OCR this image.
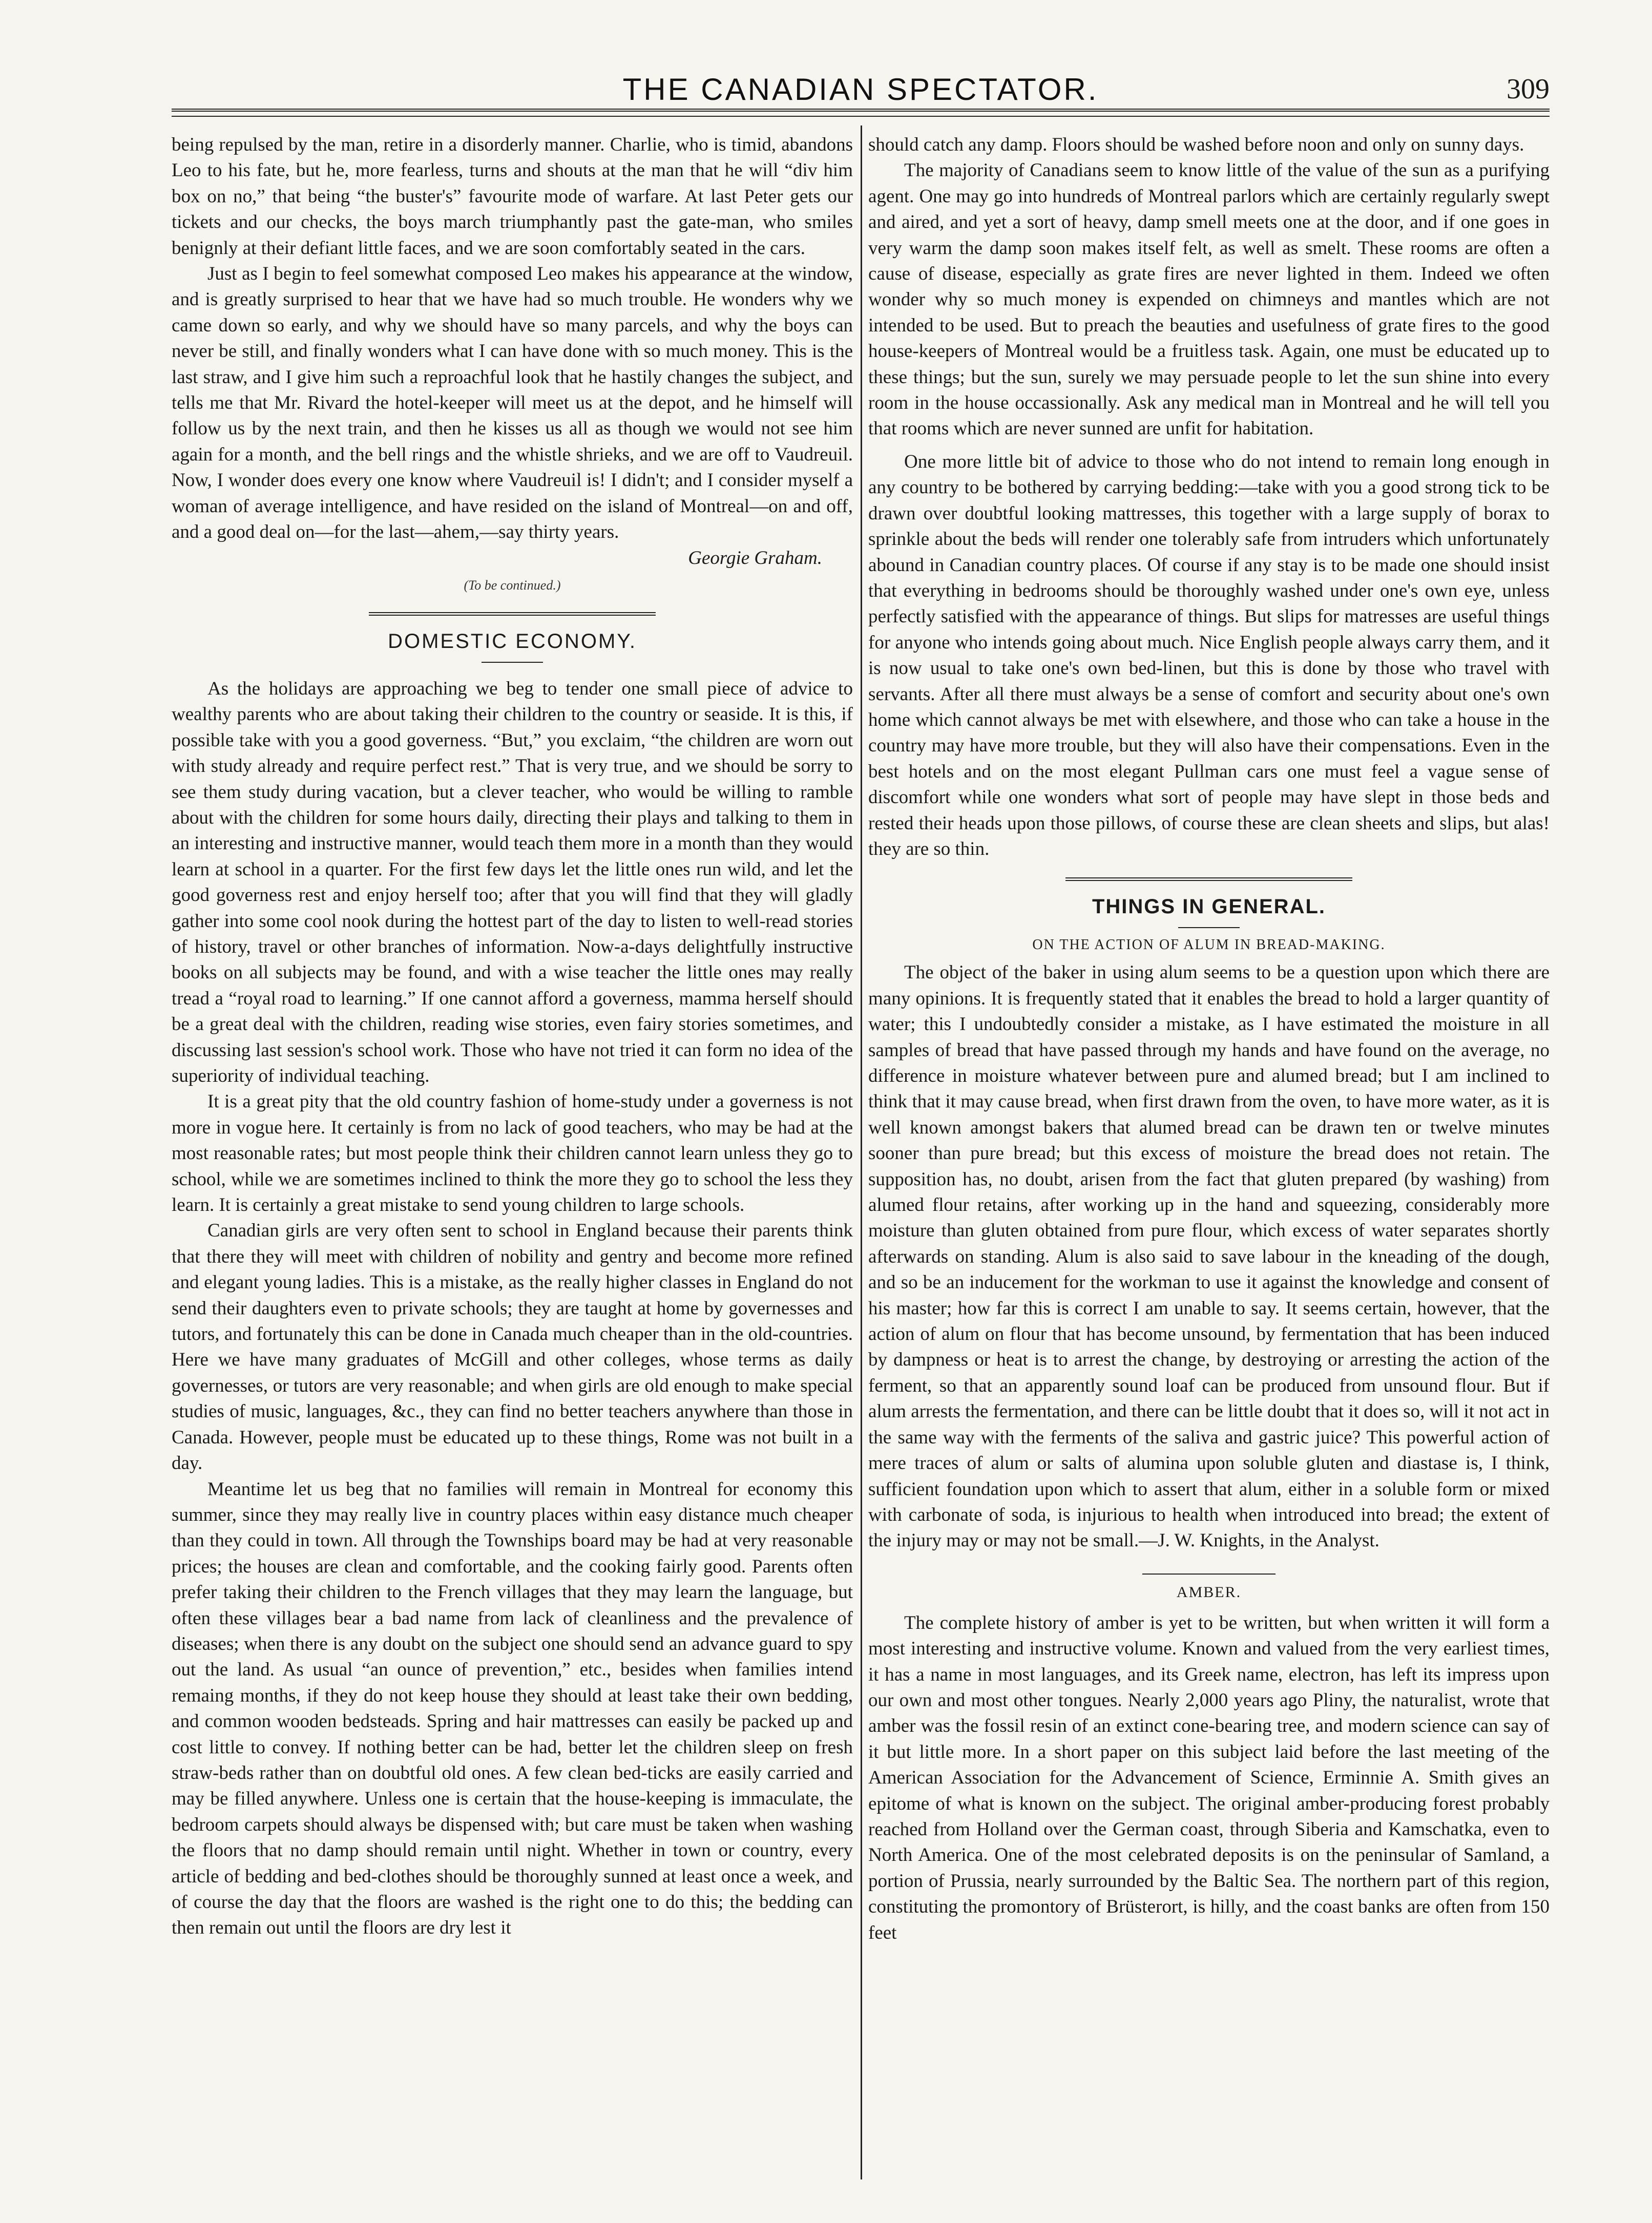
THE CANADIAN SPECTATOR.	309

being repulsed by the man, retire in a disorderly manner. Charlie, who is timid, abandons Leo to his fate, but he, more fearless, turns and shouts at the man that he will “div him box on no,” that being “the buster's” favourite mode of warfare. At last Peter gets our tickets and our checks, the boys march triumphantly past the gate-man, who smiles benignly at their defiant little faces, and we are soon comfortably seated in the cars.

Just as I begin to feel somewhat composed Leo makes his appearance at the window, and is greatly surprised to hear that we have had so much trouble. He wonders why we came down so early, and why we should have so many parcels, and why the boys can never be still, and finally wonders what I can have done with so much money. This is the last straw, and I give him such a reproachful look that he hastily changes the subject, and tells me that Mr. Rivard the hotel-keeper will meet us at the depot, and he himself will follow us by the next train, and then he kisses us all as though we would not see him again for a month, and the bell rings and the whistle shrieks, and we are off to Vaudreuil. Now, I wonder does every one know where Vaudreuil is! I didn't; and I consider myself a woman of average intelligence, and have resided on the island of Montreal—on and off, and a good deal on—for the last—ahem,—say thirty years.

Georgie Graham.

(To be continued.)
DOMESTIC ECONOMY.

As the holidays are approaching we beg to tender one small piece of advice to wealthy parents who are about taking their children to the country or seaside. It is this, if possible take with you a good governess. “But,” you exclaim, “the children are worn out with study already and require perfect rest.” That is very true, and we should be sorry to see them study during vacation, but a clever teacher, who would be willing to ramble about with the children for some hours daily, directing their plays and talking to them in an interesting and instructive manner, would teach them more in a month than they would learn at school in a quarter. For the first few days let the little ones run wild, and let the good governess rest and enjoy herself too; after that you will find that they will gladly gather into some cool nook during the hottest part of the day to listen to well-read stories of history, travel or other branches of information. Now-a-days delightfully instructive books on all subjects may be found, and with a wise teacher the little ones may really tread a “royal road to learning.” If one cannot afford a governess, mamma herself should be a great deal with the children, reading wise stories, even fairy stories sometimes, and discussing last session's school work. Those who have not tried it can form no idea of the superiority of individual teaching.

It is a great pity that the old country fashion of home-study under a governess is not more in vogue here. It certainly is from no lack of good teachers, who may be had at the most reasonable rates; but most people think their children cannot learn unless they go to school, while we are sometimes inclined to think the more they go to school the less they learn. It is certainly a great mistake to send young children to large schools.

Canadian girls are very often sent to school in England because their parents think that there they will meet with children of nobility and gentry and become more refined and elegant young ladies. This is a mistake, as the really higher classes in England do not send their daughters even to private schools; they are taught at home by governesses and tutors, and fortunately this can be done in Canada much cheaper than in the old-countries. Here we have many graduates of McGill and other colleges, whose terms as daily governesses, or tutors are very reasonable; and when girls are old enough to make special studies of music, languages, &c., they can find no better teachers anywhere than those in Canada. However, people must be educated up to these things, Rome was not built in a day.

Meantime let us beg that no families will remain in Montreal for economy this summer, since they may really live in country places within easy distance much cheaper than they could in town. All through the Townships board may be had at very reasonable prices; the houses are clean and comfortable, and the cooking fairly good. Parents often prefer taking their children to the French villages that they may learn the language, but often these villages bear a bad name from lack of cleanliness and the prevalence of diseases; when there is any doubt on the subject one should send an advance guard to spy out the land. As usual “an ounce of prevention,” etc., besides when families intend remaing months, if they do not keep house they should at least take their own bedding, and common wooden bedsteads. Spring and hair mattresses can easily be packed up and cost little to convey. If nothing better can be had, better let the children sleep on fresh straw-beds rather than on doubtful old ones. A few clean bed-ticks are easily carried and may be filled anywhere. Unless one is certain that the house-keeping is immaculate, the bedroom carpets should always be dispensed with; but care must be taken when washing the floors that no damp should remain until night. Whether in town or country, every article of bedding and bed-clothes should be thoroughly sunned at least once a week, and of course the day that the floors are washed is the right one to do this; the bedding can then remain out until the floors are dry lest it

should catch any damp. Floors should be washed before noon and only on sunny days.

The majority of Canadians seem to know little of the value of the sun as a purifying agent. One may go into hundreds of Montreal parlors which are certainly regularly swept and aired, and yet a sort of heavy, damp smell meets one at the door, and if one goes in very warm the damp soon makes itself felt, as well as smelt. These rooms are often a cause of disease, especially as grate fires are never lighted in them. Indeed we often wonder why so much money is expended on chimneys and mantles which are not intended to be used. But to preach the beauties and usefulness of grate fires to the good house-keepers of Montreal would be a fruitless task. Again, one must be educated up to these things; but the sun, surely we may persuade people to let the sun shine into every room in the house occassionally. Ask any medical man in Montreal and he will tell you that rooms which are never sunned are unfit for habitation.

One more little bit of advice to those who do not intend to remain long enough in any country to be bothered by carrying bedding:—take with you a good strong tick to be drawn over doubtful looking mattresses, this together with a large supply of borax to sprinkle about the beds will render one tolerably safe from intruders which unfortunately abound in Canadian country places. Of course if any stay is to be made one should insist that everything in bedrooms should be thoroughly washed under one's own eye, unless perfectly satisfied with the appearance of things. But slips for matresses are useful things for anyone who intends going about much. Nice English people always carry them, and it is now usual to take one's own bed-linen, but this is done by those who travel with servants. After all there must always be a sense of comfort and security about one's own home which cannot always be met with elsewhere, and those who can take a house in the country may have more trouble, but they will also have their compensations. Even in the best hotels and on the most elegant Pullman cars one must feel a vague sense of discomfort while one wonders what sort of people may have slept in those beds and rested their heads upon those pillows, of course these are clean sheets and slips, but alas! they are so thin.

THINGS IN GENERAL.
ON THE ACTION OF ALUM IN BREAD-MAKING.

The object of the baker in using alum seems to be a question upon which there are many opinions. It is frequently stated that it enables the bread to hold a larger quantity of water; this I undoubtedly consider a mistake, as I have estimated the moisture in all samples of bread that have passed through my hands and have found on the average, no difference in moisture whatever between pure and alumed bread; but I am inclined to think that it may cause bread, when first drawn from the oven, to have more water, as it is well known amongst bakers that alumed bread can be drawn ten or twelve minutes sooner than pure bread; but this excess of moisture the bread does not retain. The supposition has, no doubt, arisen from the fact that gluten prepared (by washing) from alumed flour retains, after working up in the hand and squeezing, considerably more moisture than gluten obtained from pure flour, which excess of water separates shortly afterwards on standing. Alum is also said to save labour in the kneading of the dough, and so be an inducement for the workman to use it against the knowledge and consent of his master; how far this is correct I am unable to say. It seems certain, however, that the action of alum on flour that has become unsound, by fermentation that has been induced by dampness or heat is to arrest the change, by destroying or arresting the action of the ferment, so that an apparently sound loaf can be produced from unsound flour. But if alum arrests the fermentation, and there can be little doubt that it does so, will it not act in the same way with the ferments of the saliva and gastric juice? This powerful action of mere traces of alum or salts of alumina upon soluble gluten and diastase is, I think, sufficient foundation upon which to assert that alum, either in a soluble form or mixed with carbonate of soda, is injurious to health when introduced into bread; the extent of the injury may or may not be small.—J. W. Knights, in the Analyst.

AMBER.

The complete history of amber is yet to be written, but when written it will form a most interesting and instructive volume. Known and valued from the very earliest times, it has a name in most languages, and its Greek name, electron, has left its impress upon our own and most other tongues. Nearly 2,000 years ago Pliny, the naturalist, wrote that amber was the fossil resin of an extinct cone-bearing tree, and modern science can say of it but little more. In a short paper on this subject laid before the last meeting of the American Association for the Advancement of Science, Erminnie A. Smith gives an epitome of what is known on the subject. The original amber-producing forest probably reached from Holland over the German coast, through Siberia and Kamschatka, even to North America. One of the most celebrated deposits is on the peninsular of Samland, a portion of Prussia, nearly surrounded by the Baltic Sea. The northern part of this region, constituting the promontory of Brüsterort, is hilly, and the coast banks are often from 150 feet
